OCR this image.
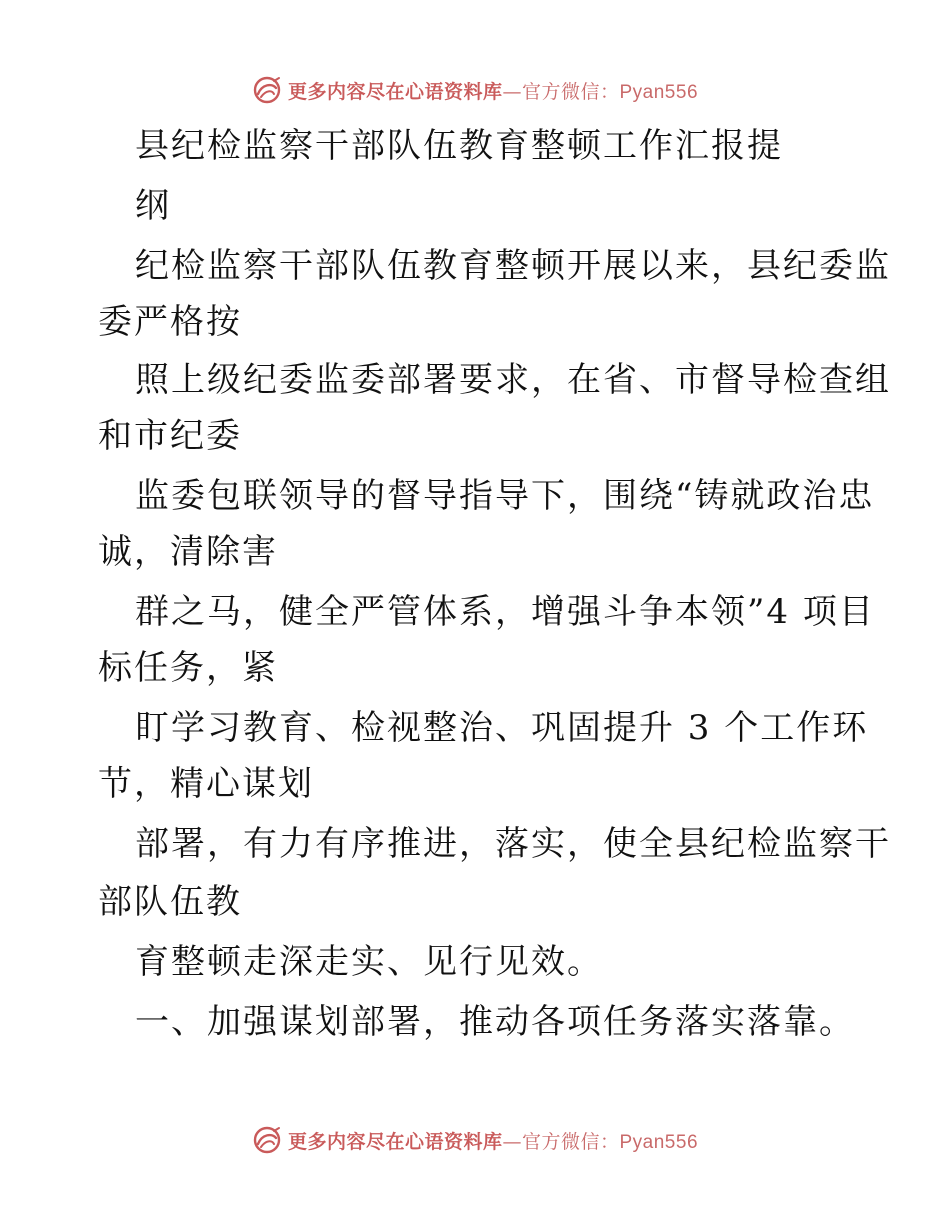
更多内容尽在心语资料库—官方微信：Pyan556
县纪检监察干部队伍教育整顿工作汇报提
纲
纪检监察干部队伍教育整顿开展以来，县纪委监
委严格按
照上级纪委监委部署要求，在省、市督导检查组
和市纪委
监委包联领导的督导指导下，围绕“铸就政治忠
诚，清除害
群之马，健全严管体系，增强斗争本领”4 项目
标任务，紧
盯学习教育、检视整治、巩固提升 3 个工作环
节，精心谋划
部署，有力有序推进，落实，使全县纪检监察干
部队伍教
育整顿走深走实、见行见效。
一、加强谋划部署，推动各项任务落实落靠。
更多内容尽在心语资料库—官方微信：Pyan556
